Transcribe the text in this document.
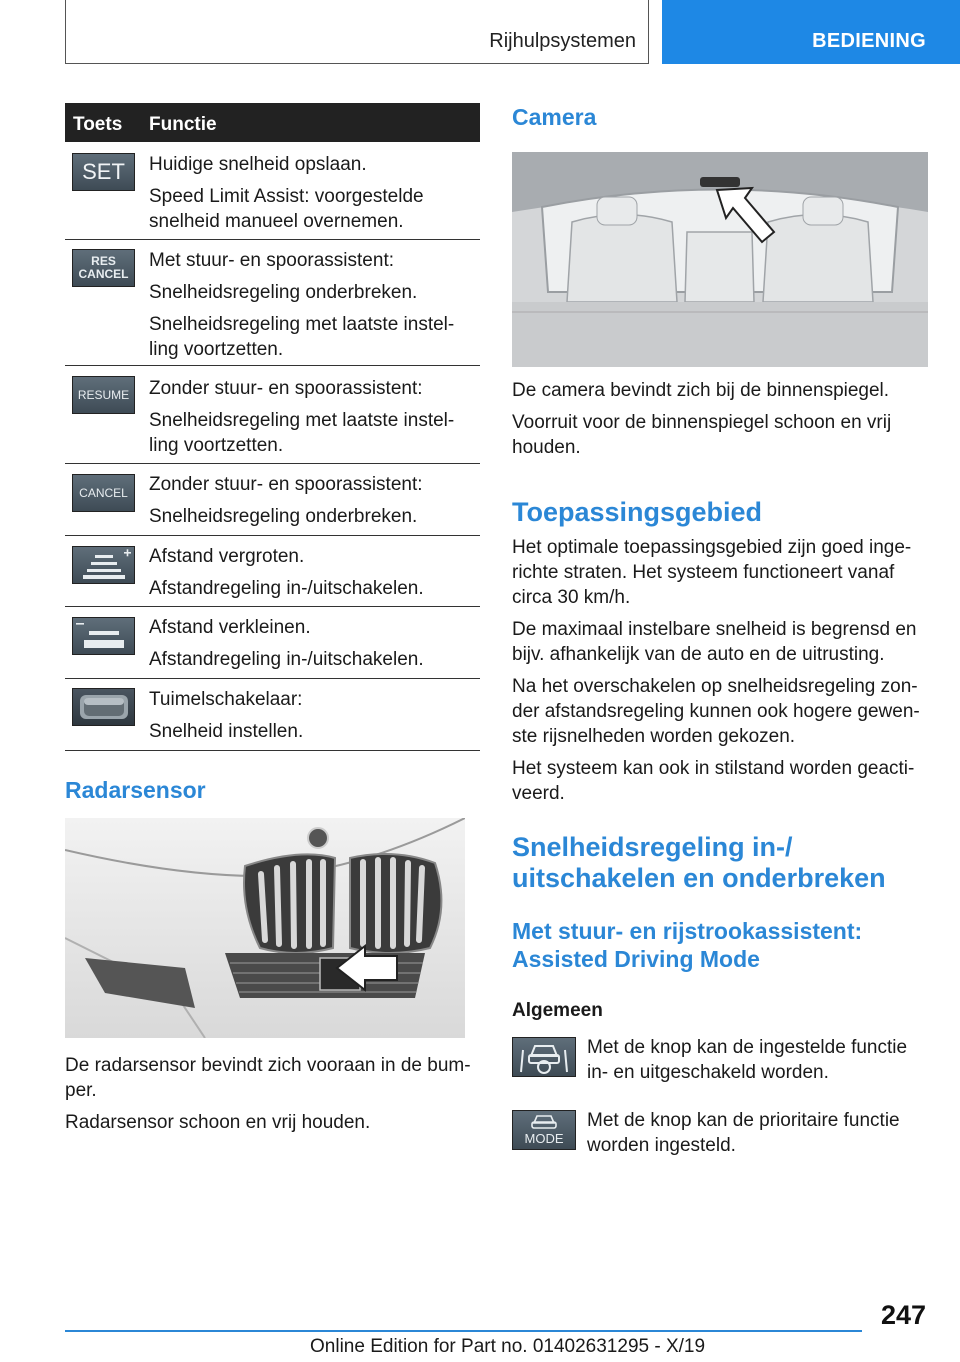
Rijhulpsystemen	BEDIENING
Toets Functie
SET Huidige snelheid opslaan.

Speed Limit Assist: voorgestelde snelheid manueel overnemen.

RES CANCEL

Met stuur- en spoorassistent:

Snelheidsregeling onderbreken.

Snelheidsregeling met laatste instel-ling voortzetten.

RESUME Zonder stuur- en spoorassistent:

Snelheidsregeling met laatste instel-ling voortzetten.

CANCEL Zonder stuur- en spoorassistent:

Snelheidsregeling onderbreken.

Afstand vergroten.

Afstandregeling in-/uitschakelen.

Afstand verkleinen.

Afstandregeling in-/uitschakelen.

Tuimelschakelaar:

Snelheid instellen.

Radarsensor

De radarsensor bevindt zich vooraan in de bum-per.

Radarsensor schoon en vrij houden.

Camera

De camera bevindt zich bij de binnenspiegel.

Voorruit voor de binnenspiegel schoon en vrij houden.

Toepassingsgebied

Het optimale toepassingsgebied zijn goed inge-richte straten. Het systeem functioneert vanaf circa 30 km/h.

De maximaal instelbare snelheid is begrensd en bijv. afhankelijk van de auto en de uitrusting.

Na het overschakelen op snelheidsregeling zon-der afstandsregeling kunnen ook hogere gewen-ste rijsnelheden worden gekozen.

Het systeem kan ook in stilstand worden geacti-veerd.

Snelheidsregeling in-/
uitschakelen en onderbreken
Met stuur- en rijstrookassistent:
Assisted Driving Mode
Algemeen
Met de knop kan de ingestelde functie in- en uitgeschakeld worden.
MODE
Met de knop kan de prioritaire functie worden ingesteld.
247
Online Edition for Part no. 01402631295 - X/19
